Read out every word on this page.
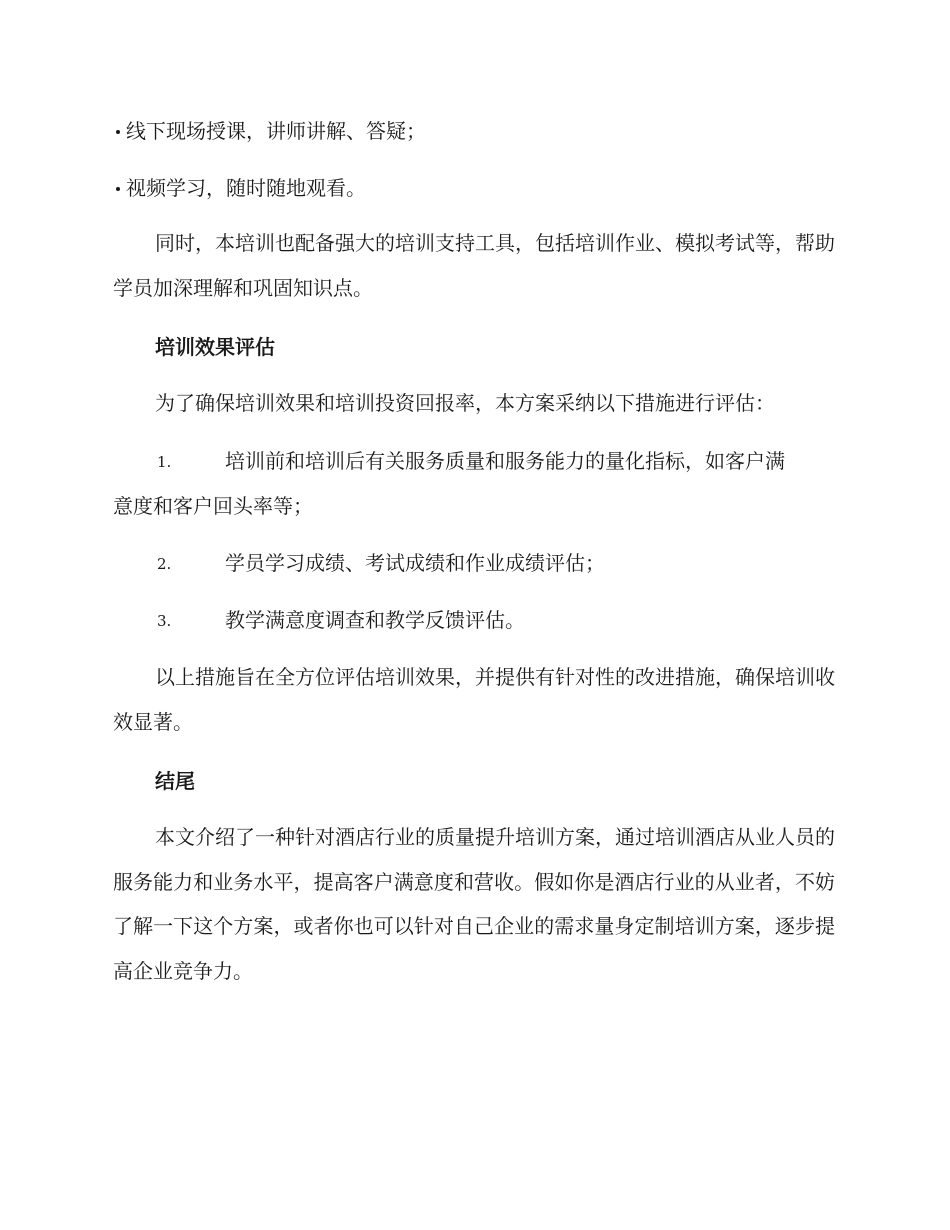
线下现场授课，讲师讲解、答疑；
视频学习，随时随地观看。
同时，本培训也配备强大的培训支持工具，包括培训作业、模拟考试等，帮助学员加深理解和巩固知识点。
培训效果评估
为了确保培训效果和培训投资回报率，本方案采纳以下措施进行评估：
1.	培训前和培训后有关服务质量和服务能力的量化指标，如客户满
意度和客户回头率等；
2.	学员学习成绩、考试成绩和作业成绩评估；
3.	教学满意度调查和教学反馈评估。
以上措施旨在全方位评估培训效果，并提供有针对性的改进措施，确保培训收效显著。
结尾
本文介绍了一种针对酒店行业的质量提升培训方案，通过培训酒店从业人员的服务能力和业务水平，提高客户满意度和营收。假如你是酒店行业的从业者，不妨了解一下这个方案，或者你也可以针对自己企业的需求量身定制培训方案，逐步提高企业竞争力。
